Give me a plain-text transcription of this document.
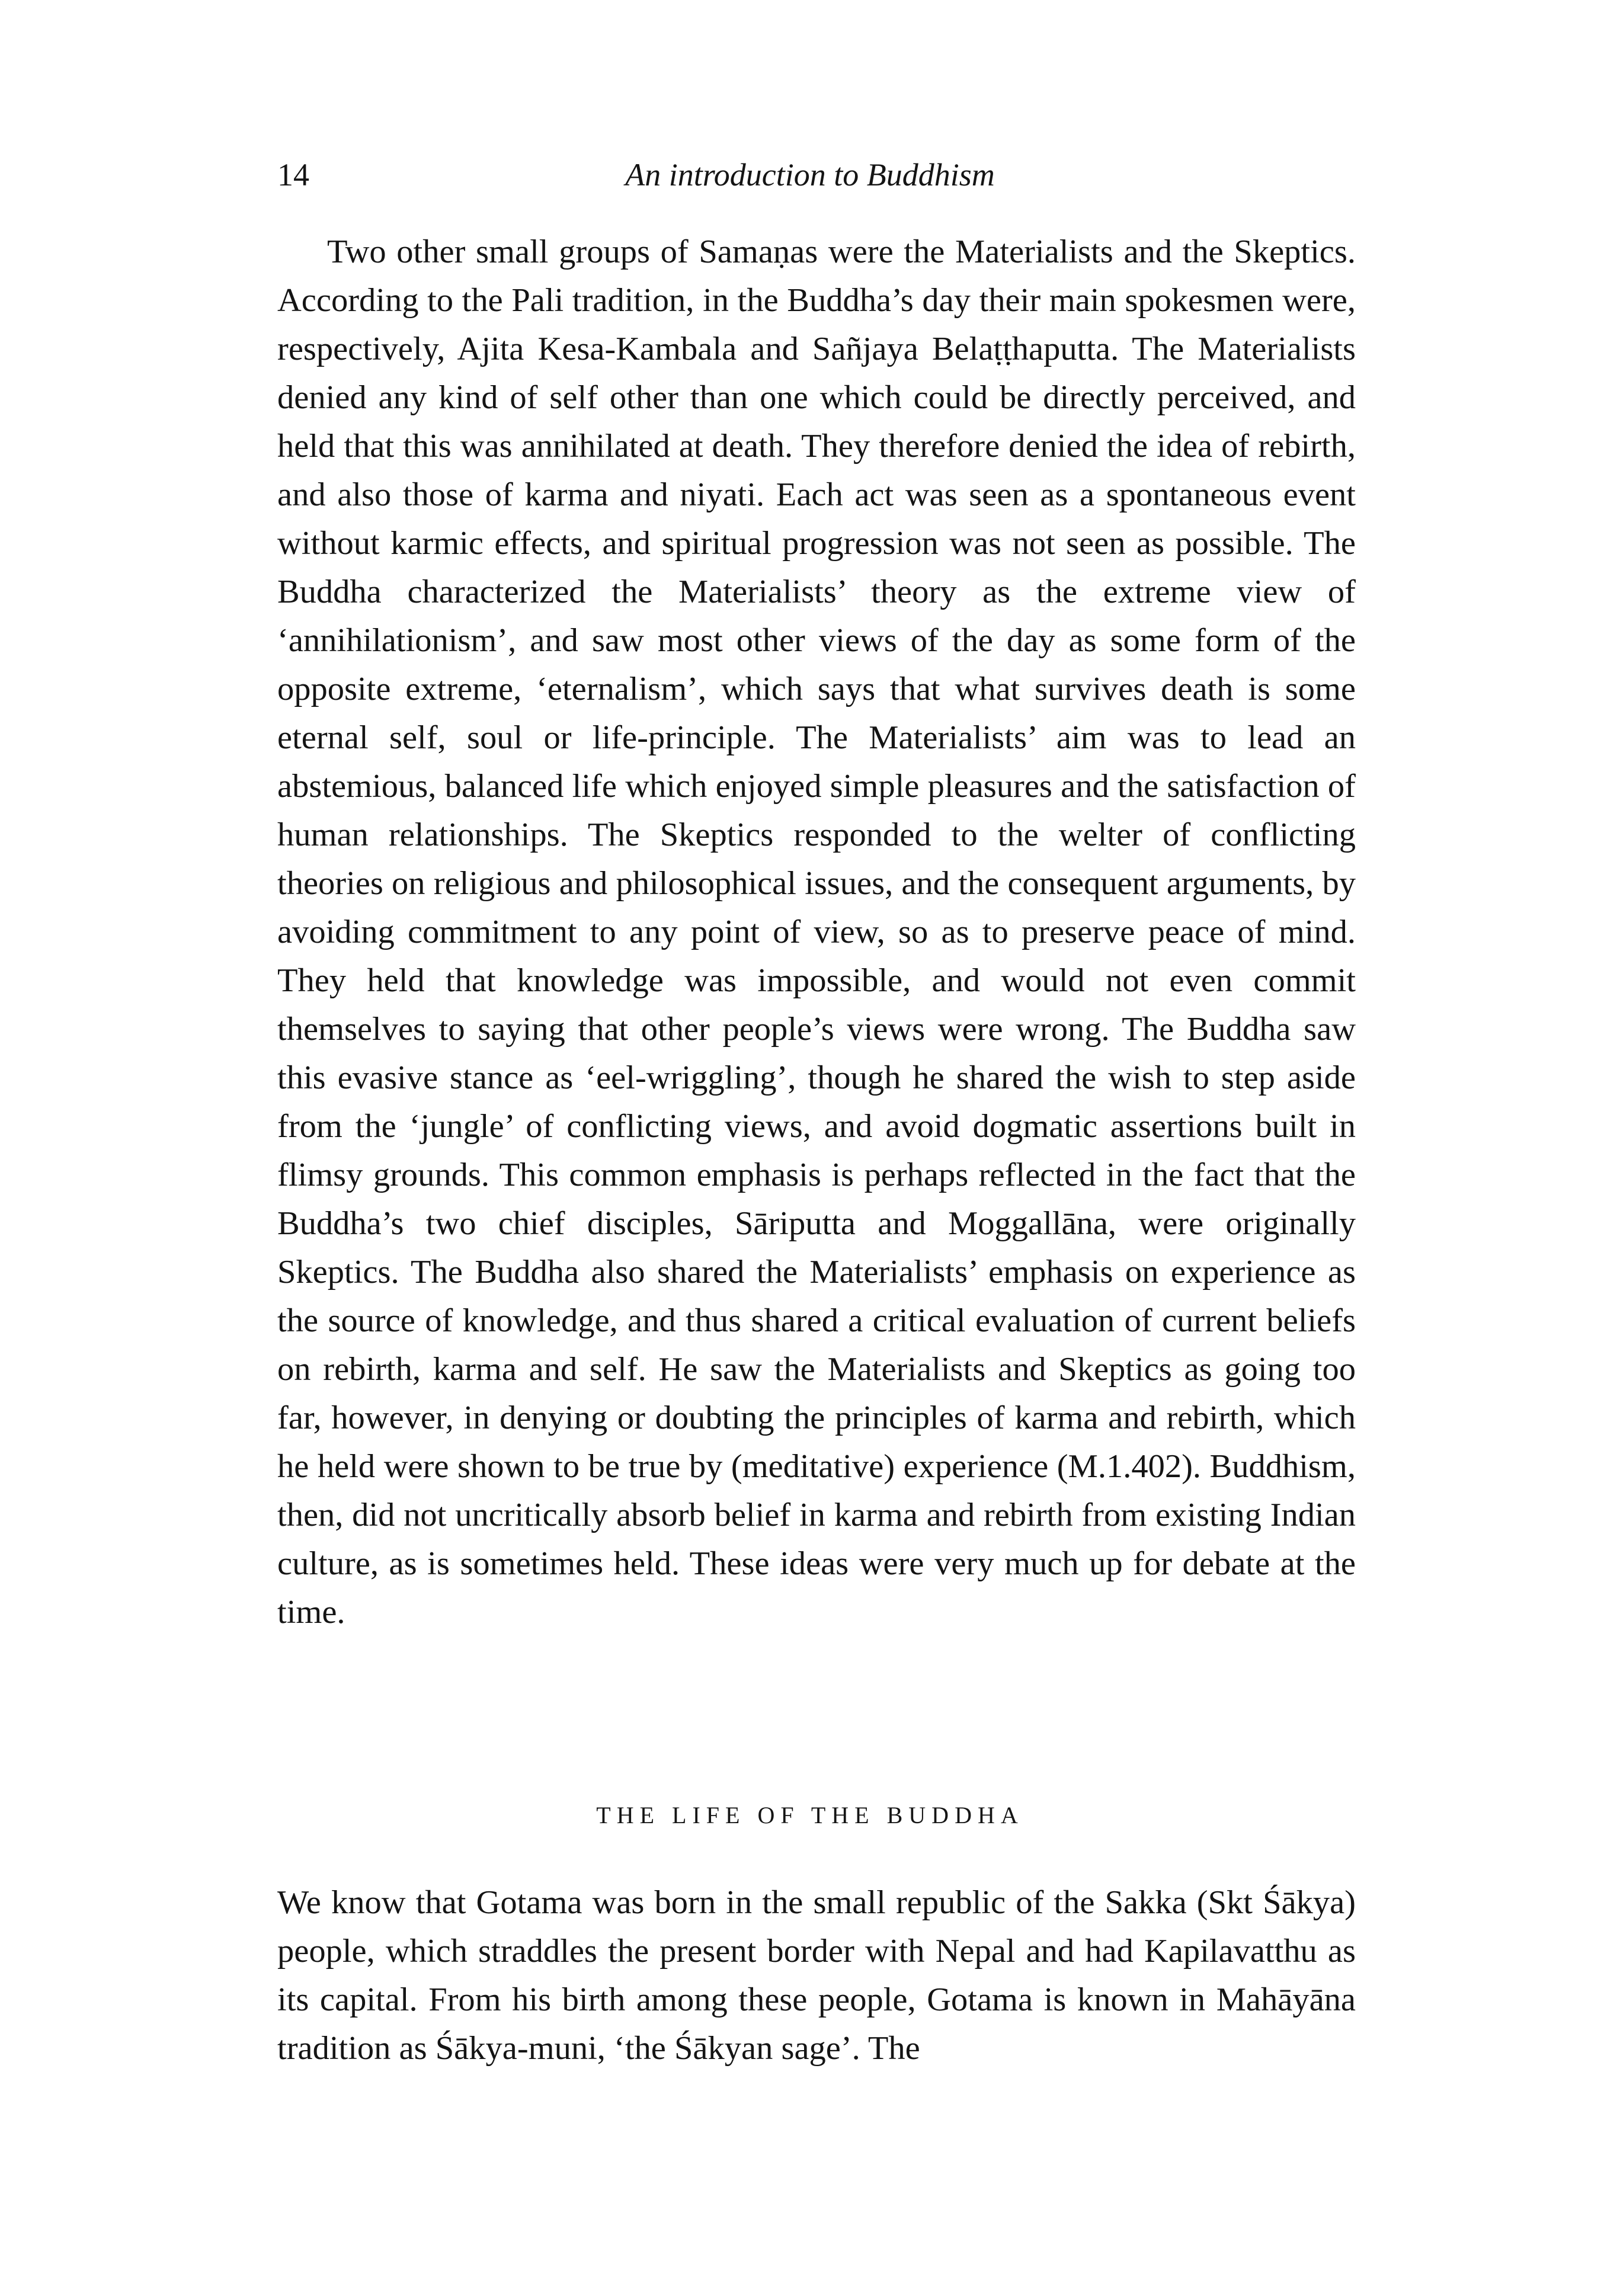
14	An introduction to Buddhism

Two other small groups of Samaṇas were the Materialists and the Skeptics. According to the Pali tradition, in the Buddha’s day their main spokesmen were, respectively, Ajita Kesa-Kambala and Sañjaya Belaṭṭhaputta. The Materialists denied any kind of self other than one which could be directly perceived, and held that this was annihilated at death. They therefore denied the idea of rebirth, and also those of karma and niyati. Each act was seen as a spontaneous event without karmic effects, and spiritual progression was not seen as possible. The Buddha characterized the Materialists’ theory as the extreme view of ‘annihilationism’, and saw most other views of the day as some form of the opposite extreme, ‘eternalism’, which says that what survives death is some eternal self, soul or life-principle. The Materialists’ aim was to lead an abstemious, balanced life which enjoyed simple pleasures and the satisfaction of human relationships. The Skeptics responded to the welter of conflicting theories on religious and philosophical issues, and the consequent arguments, by avoiding commitment to any point of view, so as to preserve peace of mind. They held that knowledge was impossible, and would not even commit themselves to saying that other people’s views were wrong. The Buddha saw this evasive stance as ‘eel-wriggling’, though he shared the wish to step aside from the ‘jungle’ of conflicting views, and avoid dogmatic assertions built in flimsy grounds. This common emphasis is perhaps reflected in the fact that the Buddha’s two chief disciples, Sāriputta and Moggallāna, were originally Skeptics. The Buddha also shared the Materialists’ emphasis on experience as the source of knowledge, and thus shared a critical evaluation of current beliefs on rebirth, karma and self. He saw the Materialists and Skeptics as going too far, however, in denying or doubting the principles of karma and rebirth, which he held were shown to be true by (meditative) experience (M.1.402). Buddhism, then, did not uncritically absorb belief in karma and rebirth from existing Indian culture, as is sometimes held. These ideas were very much up for debate at the time.

THE LIFE OF THE BUDDHA

We know that Gotama was born in the small republic of the Sakka (Skt Śākya) people, which straddles the present border with Nepal and had Kapilavatthu as its capital. From his birth among these people, Gotama is known in Mahāyāna tradition as Śākya-muni, ‘the Śākyan sage’. The
